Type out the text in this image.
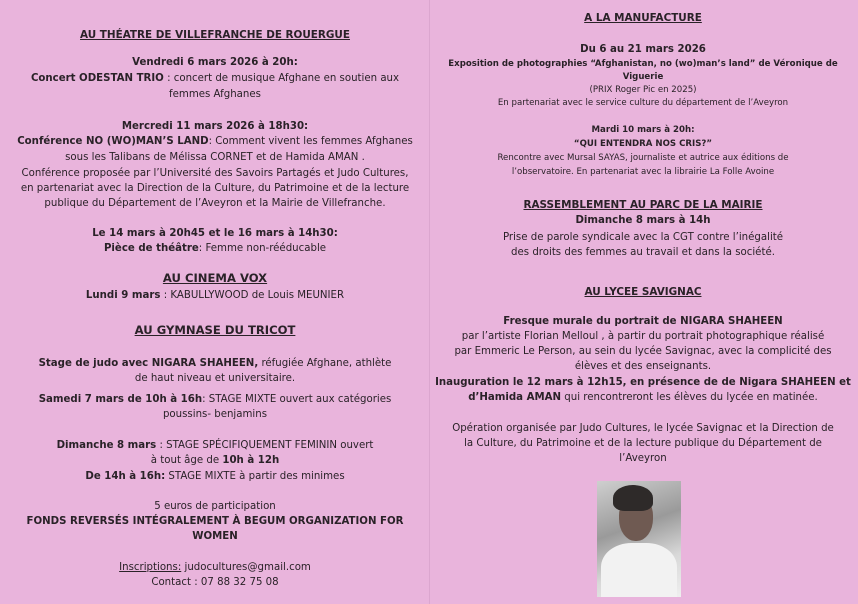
AU THÉATRE DE VILLEFRANCHE DE ROUERGUE
Vendredi 6 mars 2026 à 20h:
Concert ODESTAN TRIO : concert de musique Afghane en soutien aux
femmes Afghanes
Mercredi 11 mars 2026 à 18h30:
Conférence NO (WO)MAN’S LAND: Comment vivent les femmes Afghanes
sous les Talibans de Mélissa CORNET et de Hamida AMAN .
Conférence proposée par l’Université des Savoirs Partagés et Judo Cultures,
en partenariat avec la Direction de la Culture, du Patrimoine et de la lecture
publique du Département de l’Aveyron et la Mairie de Villefranche.
Le 14 mars à 20h45 et le 16 mars à 14h30:
Pièce de théâtre: Femme non-rééducable
AU CINEMA VOX
Lundi 9 mars : KABULLYWOOD de Louis MEUNIER
AU GYMNASE DU TRICOT
Stage de judo avec NIGARA SHAHEEN, réfugiée Afghane, athlète
de haut niveau et universitaire.
Samedi 7 mars de 10h à 16h: STAGE MIXTE ouvert aux catégories
poussins- benjamins
Dimanche 8 mars : STAGE SPÉCIFIQUEMENT FEMININ ouvert
à tout âge de 10h à 12h
De 14h à 16h: STAGE MIXTE à partir des minimes
5 euros de participation
FONDS REVERSÉS INTÉGRALEMENT À BEGUM ORGANIZATION FOR
WOMEN
Inscriptions: judocultures@gmail.com
Contact : 07 88 32 75 08
A LA MANUFACTURE
Du 6 au 21 mars 2026
Exposition de photographies “Afghanistan, no (wo)man’s land” de Véronique de
Viguerie
(PRIX Roger Pic en 2025)
En partenariat avec le service culture du département de l’Aveyron
Mardi 10 mars à 20h:
“QUI ENTENDRA NOS CRIS?”
Rencontre avec Mursal SAYAS, journaliste et autrice aux éditions de
l’observatoire. En partenariat avec la librairie La Folle Avoine
RASSEMBLEMENT AU PARC DE LA MAIRIE
Dimanche 8 mars à 14h
Prise de parole syndicale avec la CGT contre l’inégalité
des droits des femmes au travail et dans la société.
AU LYCEE SAVIGNAC
Fresque murale du portrait de NIGARA SHAHEEN
par l’artiste Florian Melloul , à partir du portrait photographique réalisé
par Emmeric Le Person, au sein du lycée Savignac, avec la complicité des
élèves et des enseignants.
Inauguration le 12 mars à 12h15, en présence de de Nigara SHAHEEN et
d’Hamida AMAN qui rencontreront les élèves du lycée en matinée.
Opération organisée par Judo Cultures, le lycée Savignac et la Direction de
la Culture, du Patrimoine et de la lecture publique du Département de
l’Aveyron
